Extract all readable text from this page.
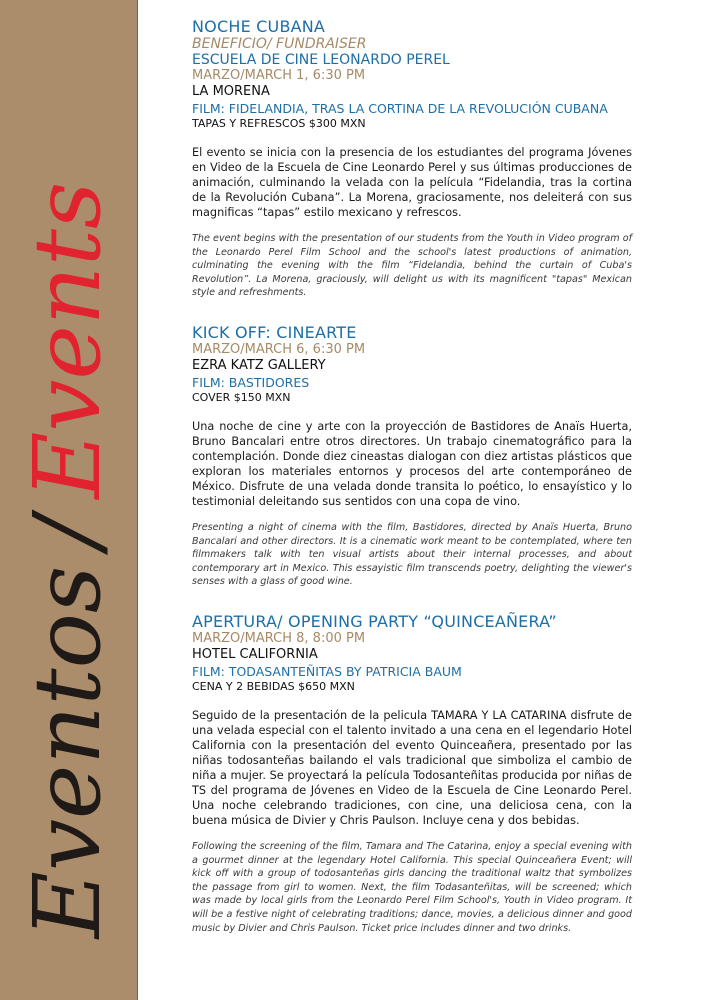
Eventos/Events
NOCHE CUBANA
BENEFICIO/ FUNDRAISER
ESCUELA DE CINE LEONARDO PEREL
MARZO/MARCH 1, 6:30 PM
LA MORENA
FILM: FIDELANDIA, TRAS LA CORTINA DE LA REVOLUCIÓN CUBANA
TAPAS Y REFRESCOS $300 MXN
El evento se inicia con la presencia de los estudiantes del programa Jóvenes en Video de la Escuela de Cine Leonardo Perel y sus últimas producciones de animación, culminando la velada con la película “Fidelandia, tras la cortina de la Revolución Cubana”. La Morena, graciosamente, nos deleiterá con sus magnificas “tapas” estilo mexicano y refrescos.
The event begins with the presentation of our students from the Youth in Video program of the Leonardo Perel Film School and the school's latest productions of animation, culminating the evening with the film “Fidelandia, behind the curtain of Cuba's Revolution”. La Morena, graciously, will delight us with its magnificent "tapas" Mexican style and refreshments.
KICK OFF: CINEARTE
MARZO/MARCH 6, 6:30 PM
EZRA KATZ GALLERY
FILM: BASTIDORES
COVER $150 MXN
Una noche de cine y arte con la proyección de Bastidores de Anaïs Huerta, Bruno Bancalari entre otros directores. Un trabajo cinematográfico para la contemplación. Donde diez cineastas dialogan con diez artistas plásticos que exploran los materiales entornos y procesos del arte contemporáneo de México. Disfrute de una velada donde transita lo poético, lo ensayístico y lo testimonial deleitando sus sentidos con una copa de vino.
Presenting a night of cinema with the film, Bastidores, directed by Anaïs Huerta, Bruno Bancalari and other directors. It is a cinematic work meant to be contemplated, where ten filmmakers talk with ten visual artists about their internal processes, and about contemporary art in Mexico. This essayistic film transcends poetry, delighting the viewer's senses with a glass of good wine.
APERTURA/ OPENING PARTY “QUINCEAÑERA”
MARZO/MARCH 8, 8:00 PM
HOTEL CALIFORNIA
FILM: TODASANTEÑITAS BY PATRICIA BAUM
CENA Y 2 BEBIDAS $650 MXN
Seguido de la presentación de la pelicula TAMARA Y LA CATARINA disfrute de una velada especial con el talento invitado a una cena en el legendario Hotel California con la presentación del evento Quinceañera, presentado por las niñas todosanteñas bailando el vals tradicional que simboliza el cambio de niña a mujer. Se proyectará la película Todosanteñitas producida por niñas de TS del programa de Jóvenes en Video de la Escuela de Cine Leonardo Perel. Una noche celebrando tradiciones, con cine, una deliciosa cena, con la buena música de Divier y Chris Paulson. Incluye cena y dos bebidas.
Following the screening of the film, Tamara and The Catarina, enjoy a special evening with a gourmet dinner at the legendary Hotel California. This special Quinceañera Event; will kick off with a group of todosanteñas girls dancing the traditional waltz that symbolizes the passage from girl to women. Next, the film Todasanteñitas, will be screened; which was made by local girls from the Leonardo Perel Film School's, Youth in Video program. It will be a festive night of celebrating traditions; dance, movies, a delicious dinner and good music by Divier and Chris Paulson. Ticket price includes dinner and two drinks.
